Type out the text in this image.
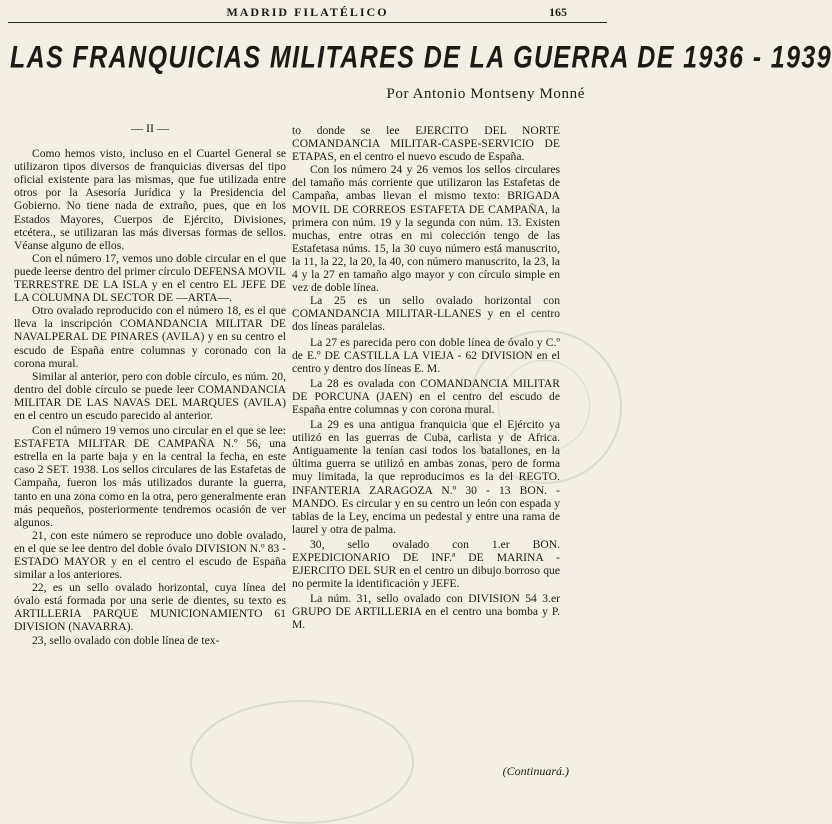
MADRID FILATÉLICO	165
LAS FRANQUICIAS MILITARES DE LA GUERRA DE 1936 - 1939
Por Antonio Montseny Monné
— II —

Como hemos visto, incluso en el Cuartel General se utilizaron tipos diversos de franquicias diversas del tipo oficial existente para las mismas, que fue utilizada entre otros por la Asesoría Jurídica y la Presidencia del Gobierno. No tiene nada de extraño, pues, que en los Estados Mayores, Cuerpos de Ejército, Divisiones, etcétera., se utilizaran las más diversas formas de sellos. Véanse alguno de ellos.

Con el número 17, vemos uno doble circular en el que puede leerse dentro del primer círculo DEFENSA MOVIL TERRESTRE DE LA ISLA y en el centro EL JEFE DE LA COLUMNA DL SECTOR DE —ARTA—.

Otro ovalado reproducido con el número 18, es el que lleva la inscripción COMANDANCIA MILITAR DE NAVALPERAL DE PINARES (AVILA) y en su centro el escudo de España entre columnas y coronado con la corona mural.

Similar al anterior, pero con doble círculo, es núm. 20, dentro del doble círculo se puede leer COMANDANCIA MILITAR DE LAS NAVAS DEL MARQUES (AVILA) en el centro un escudo parecido al anterior.

Con el número 19 vemos uno circular en el que se lee: ESTAFETA MILITAR DE CAMPAÑA N.º 56, una estrella en la parte baja y en la central la fecha, en este caso 2 SET. 1938. Los sellos circulares de las Estafetas de Campaña, fueron los más utilizados durante la guerra, tanto en una zona como en la otra, pero generalmente eran más pequeños, posteriormente tendremos ocasión de ver algunos.

21, con este número se reproduce uno doble ovalado, en el que se lee dentro del doble óvalo DIVISION N.º 83 - ESTADO MAYOR y en el centro el escudo de España similar a los anteriores.

22, es un sello ovalado horizontal, cuya línea del óvalo está formada por una serie de dientes, su texto es ARTILLERIA PARQUE MUNICIONAMIENTO 61 DIVISION (NAVARRA).

23, sello ovalado con doble línea de tex-

to donde se lee EJERCITO DEL NORTE COMANDANCIA MILITAR-CASPE-SERVICIO DE ETAPAS, en el centro el nuevo escudo de España.

Con los número 24 y 26 vemos los sellos circulares del tamaño más corriente que utilizaron las Estafetas de Campaña, ambas llevan el mismo texto: BRIGADA MOVIL DE CORREOS ESTAFETA DE CAMPAÑA, la primera con núm. 19 y la segunda con núm. 13. Existen muchas, entre otras en mi colección tengo de las Estafetasa núms. 15, la 30 cuyo número está manuscrito, la 11, la 22, la 20, la 40, con número manuscrito, la 23, la 4 y la 27 en tamaño algo mayor y con círculo simple en vez de doble línea.

La 25 es un sello ovalado horizontal con COMANDANCIA MILITAR-LLANES y en el centro dos líneas paralelas.

La 27 es parecida pero con doble línea de óvalo y C.º de E.º DE CASTILLA LA VIEJA - 62 DIVISION en el centro y dentro dos líneas E. M.

La 28 es ovalada con COMANDANCIA MILITAR DE PORCUNA (JAEN) en el centro del escudo de España entre columnas y con corona mural.

La 29 es una antigua franquicia que el Ejército ya utilizó en las guerras de Cuba, carlista y de Africa. Antiguamente la tenían casi todos los batallones, en la última guerra se utilizó en ambas zonas, pero de forma muy limitada, la que reproducimos es la del REGTO. INFANTERIA ZARAGOZA N.º 30 - 13 BON. - MANDO. Es circular y en su centro un león con espada y tablas de la Ley, encima un pedestal y entre una rama de laurel y otra de palma.

30, sello ovalado con 1.er BON. EXPEDICIONARIO DE INF.ª DE MARINA - EJERCITO DEL SUR en el centro un dibujo borroso que no permite la identificación y JEFE.

La núm. 31, sello ovalado con DIVISION 54 3.er GRUPO DE ARTILLERIA en el centro una bomba y P. M.

(Continuará.)
